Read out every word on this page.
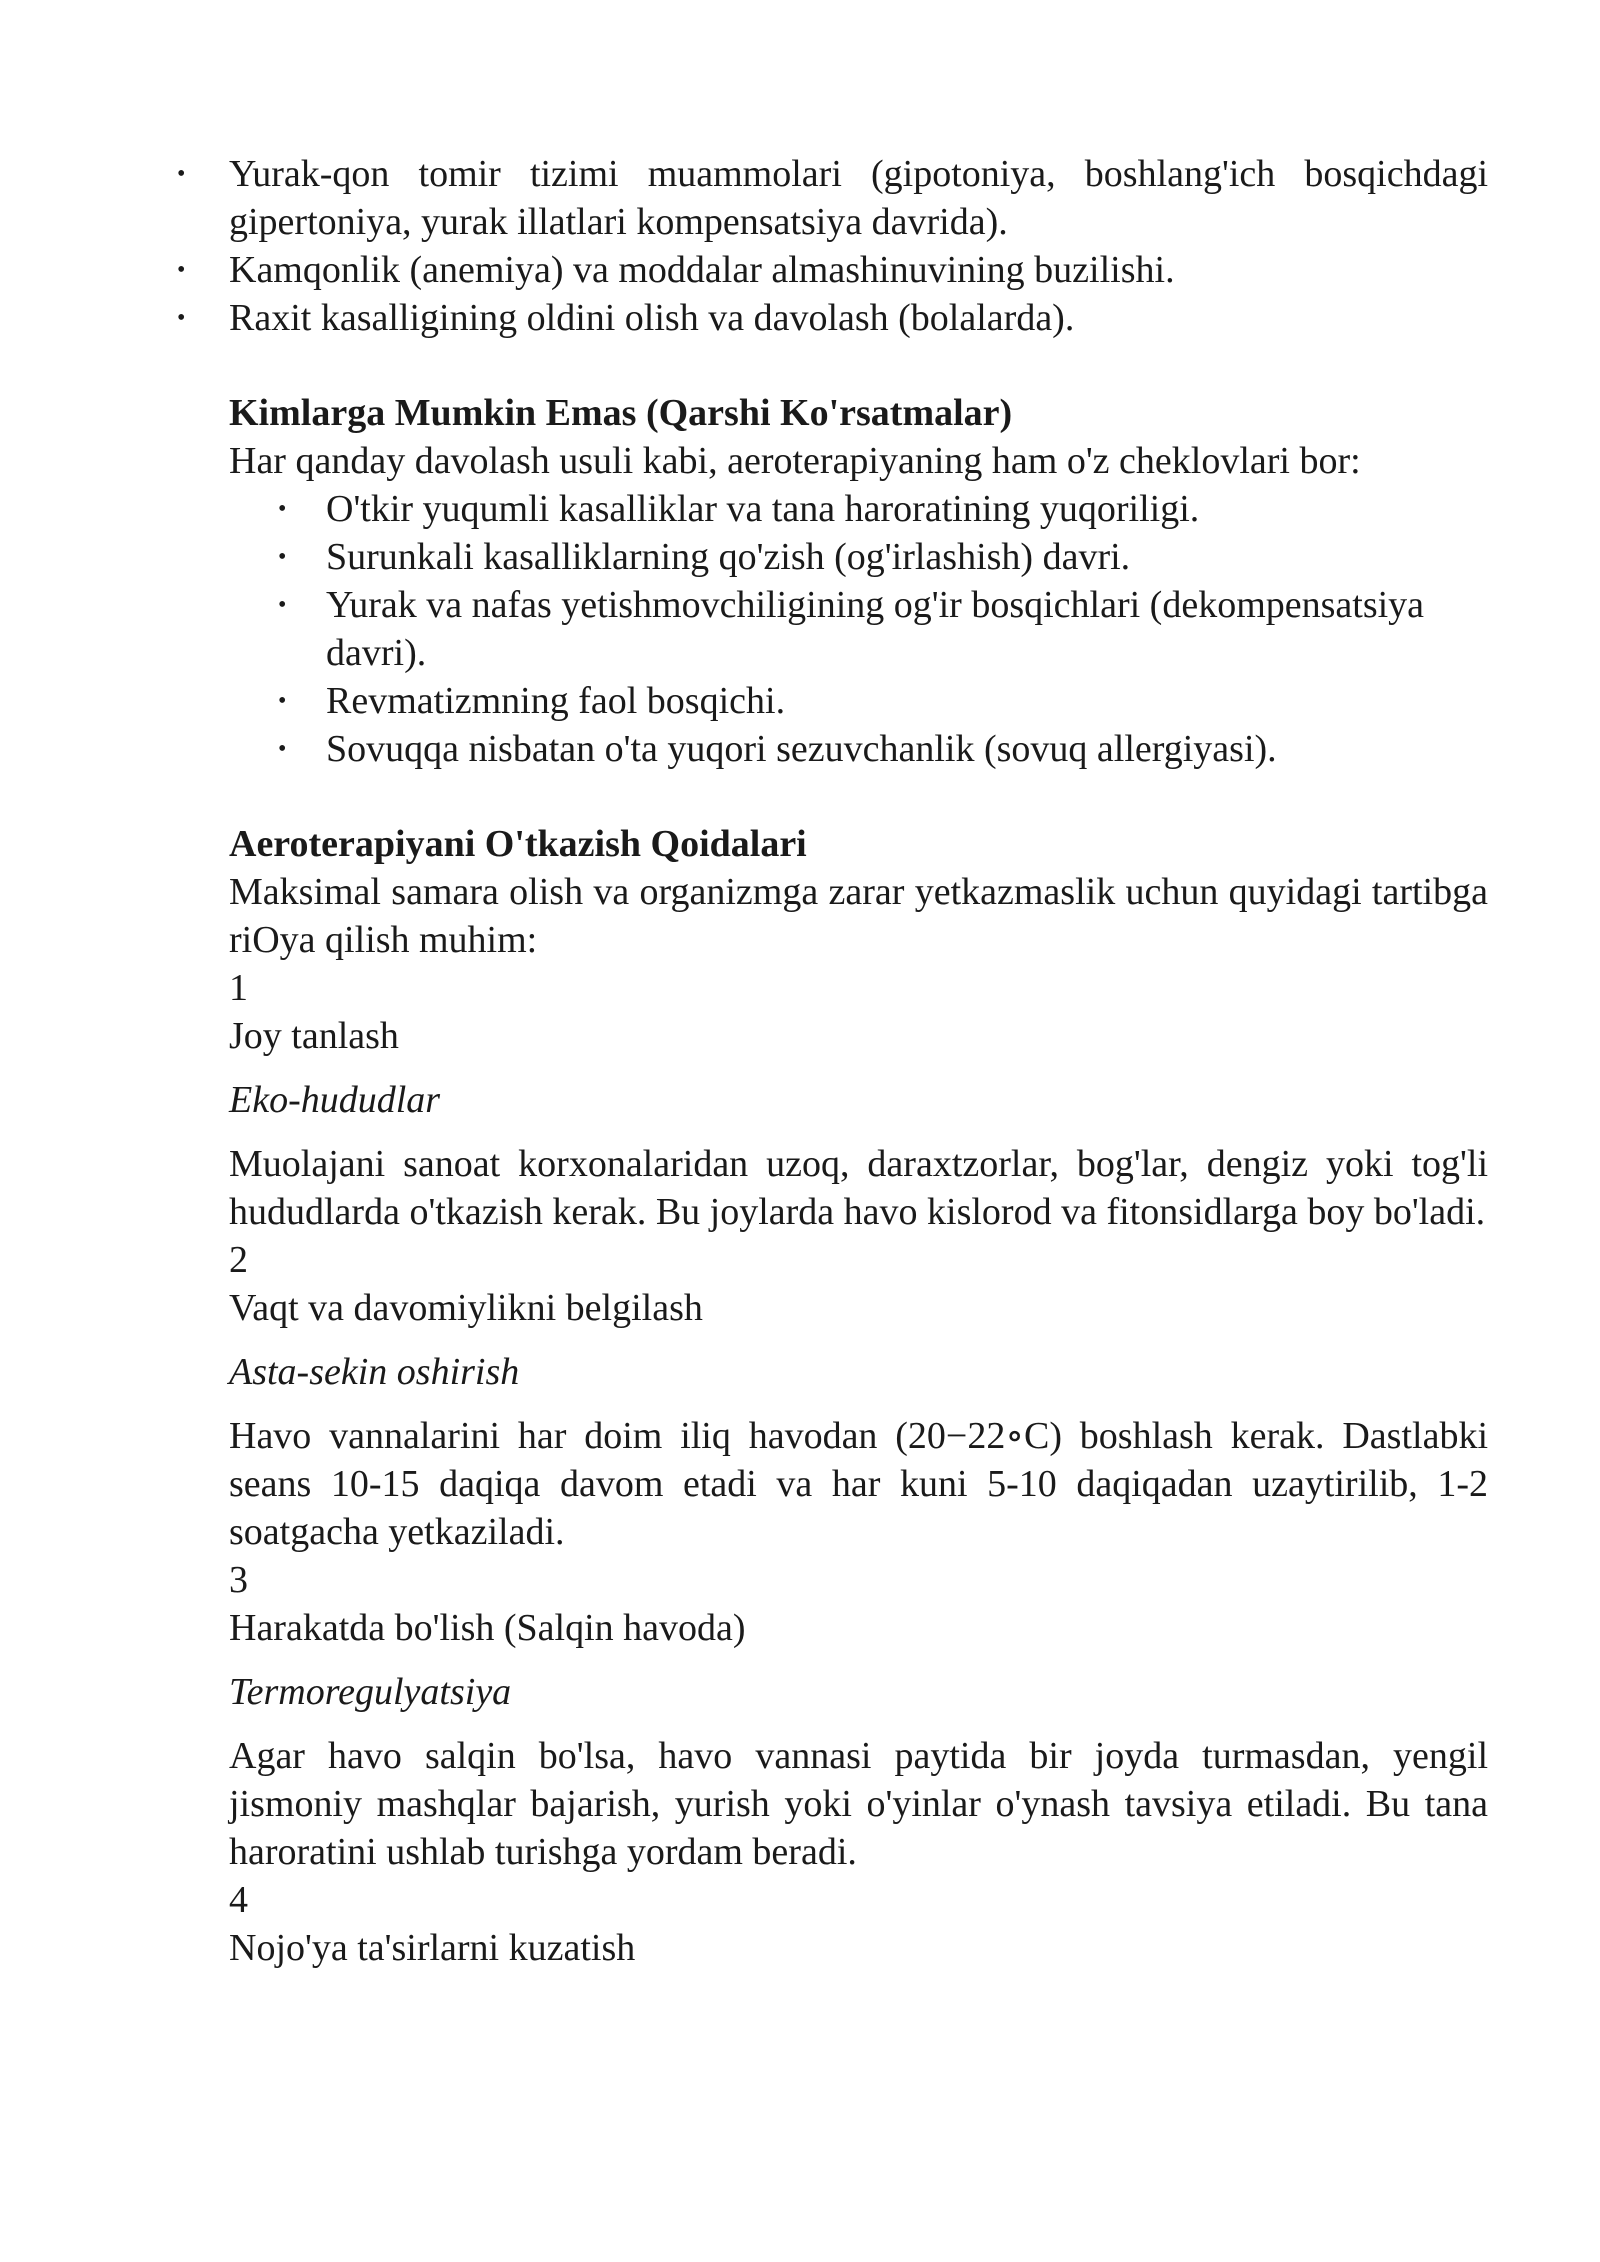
• Yurak-qon tomir tizimi muammolari (gipotoniya, boshlang'ich bosqichdagi gipertoniya, yurak illatlari kompensatsiya davrida).
• Kamqonlik (anemiya) va moddalar almashinuvining buzilishi.
• Raxit kasalligining oldini olish va davolash (bolalarda).
Kimlarga Mumkin Emas (Qarshi Ko'rsatmalar)

Har qanday davolash usuli kabi, aeroterapiyaning ham o'z cheklovlari bor:

• O'tkir yuqumli kasalliklar va tana haroratining yuqoriligi.
• Surunkali kasalliklarning qo'zish (og'irlashish) davri.
• Yurak va nafas yetishmovchiligining og'ir bosqichlari (dekompensatsiya davri).
• Revmatizmning faol bosqichi.
• Sovuqqa nisbatan o'ta yuqori sezuvchanlik (sovuq allergiyasi).
Aeroterapiyani O'tkazish Qoidalari

Maksimal samara olish va organizmga zarar yetkazmaslik uchun quyidagi tartibga riOya qilish muhim:

1

Joy tanlash

Eko-hududlar

Muolajani sanoat korxonalaridan uzoq, daraxtzorlar, bog'lar, dengiz yoki tog'li hududlarda o'tkazish kerak. Bu joylarda havo kislorod va fitonsidlarga boy bo'ladi.

2

Vaqt va davomiylikni belgilash

Asta-sekin oshirish

Havo vannalarini har doim iliq havodan (20−22∘C) boshlash kerak. Dastlabki seans 10-15 daqiqa davom etadi va har kuni 5-10 daqiqadan uzaytirilib, 1-2 soatgacha yetkaziladi.

3

Harakatda bo'lish (Salqin havoda)

Termoregulyatsiya

Agar havo salqin bo'lsa, havo vannasi paytida bir joyda turmasdan, yengil jismoniy mashqlar bajarish, yurish yoki o'yinlar o'ynash tavsiya etiladi. Bu tana haroratini ushlab turishga yordam beradi.

4

Nojo'ya ta'sirlarni kuzatish
